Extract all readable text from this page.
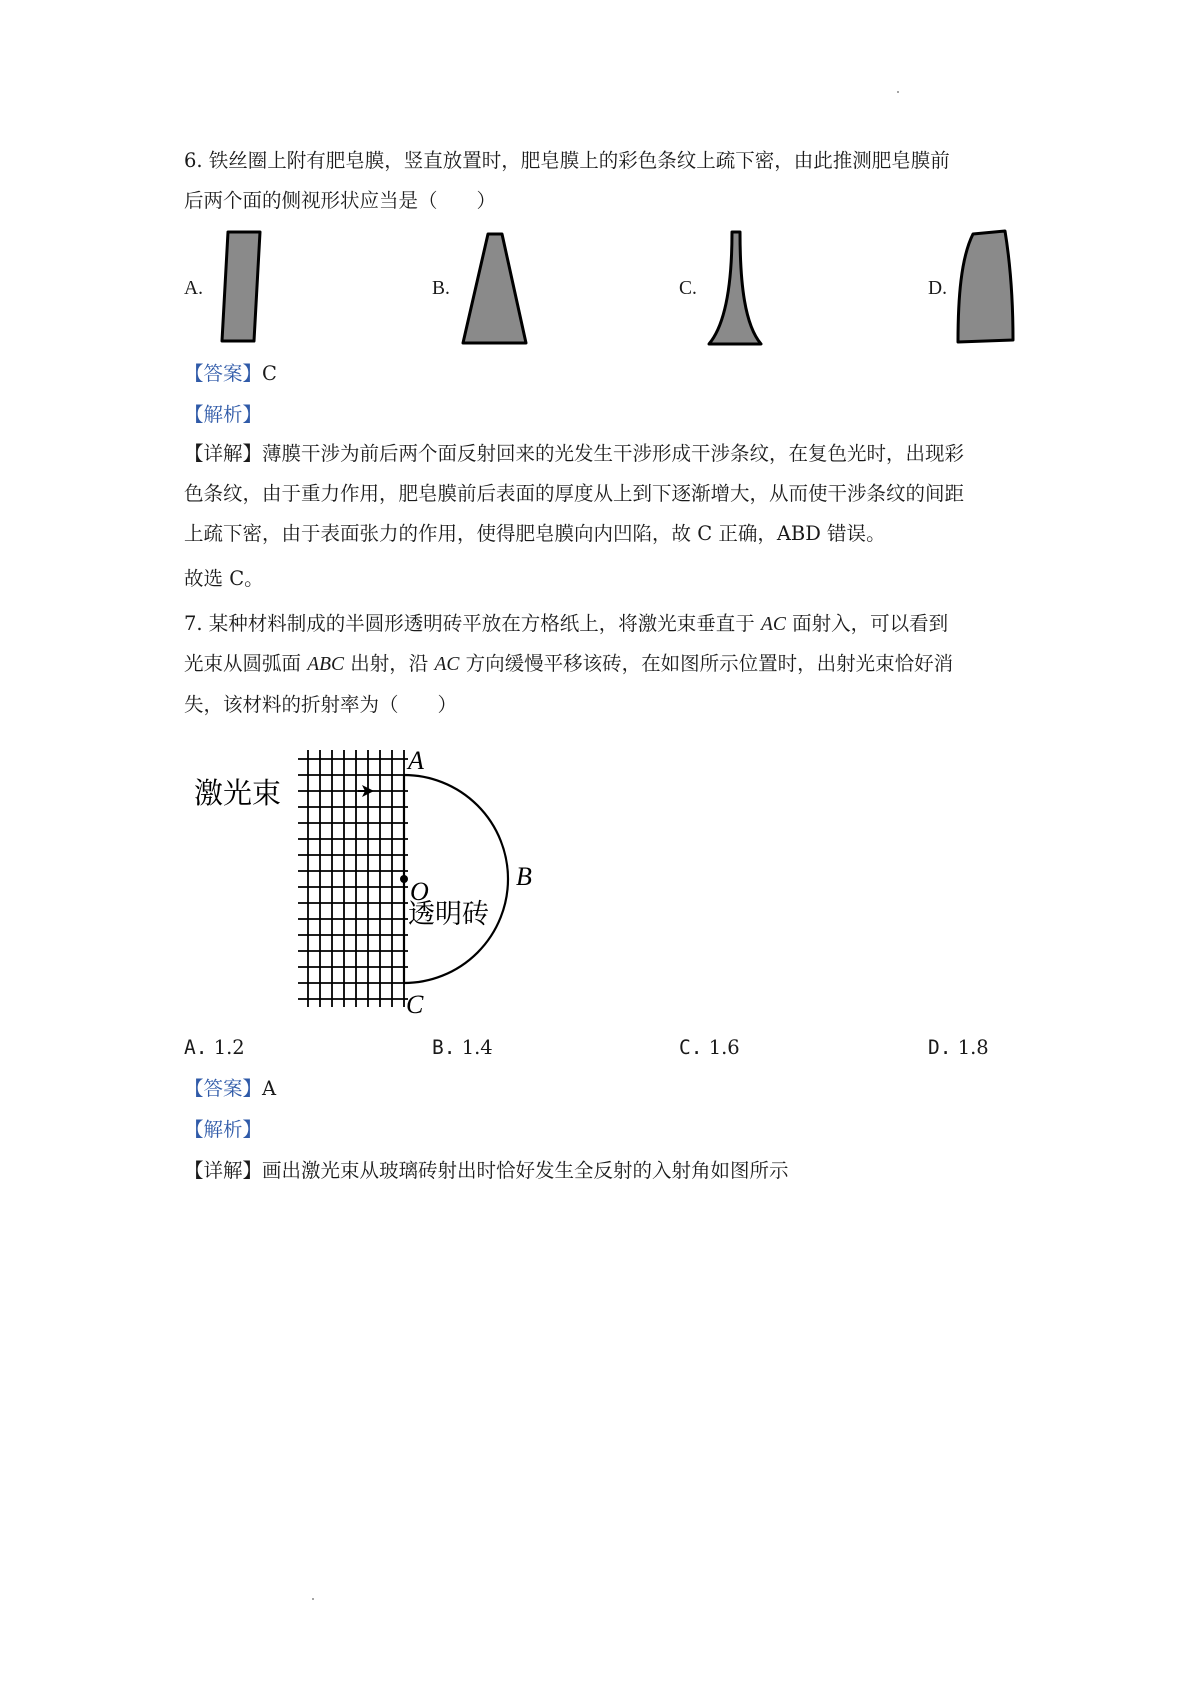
6. 铁丝圈上附有肥皂膜，竖直放置时，肥皂膜上的彩色条纹上疏下密，由此推测肥皂膜前
后两个面的侧视形状应当是（　　）
A.	B.	C.	D.
【答案】C
【解析】
【详解】薄膜干涉为前后两个面反射回来的光发生干涉形成干涉条纹，在复色光时，出现彩
色条纹，由于重力作用，肥皂膜前后表面的厚度从上到下逐渐增大，从而使干涉条纹的间距
上疏下密，由于表面张力的作用，使得肥皂膜向内凹陷，故 C 正确，ABD 错误。
故选 C。
7. 某种材料制成的半圆形透明砖平放在方格纸上，将激光束垂直于 AC 面射入，可以看到
光束从圆弧面 ABC 出射，沿 AC 方向缓慢平移该砖，在如图所示位置时，出射光束恰好消
失，该材料的折射率为（　　）
激光束
透明砖
A
B
C
O
A. 1.2	B. 1.4	C. 1.6	D. 1.8
【答案】A
【解析】
【详解】画出激光束从玻璃砖射出时恰好发生全反射的入射角如图所示
